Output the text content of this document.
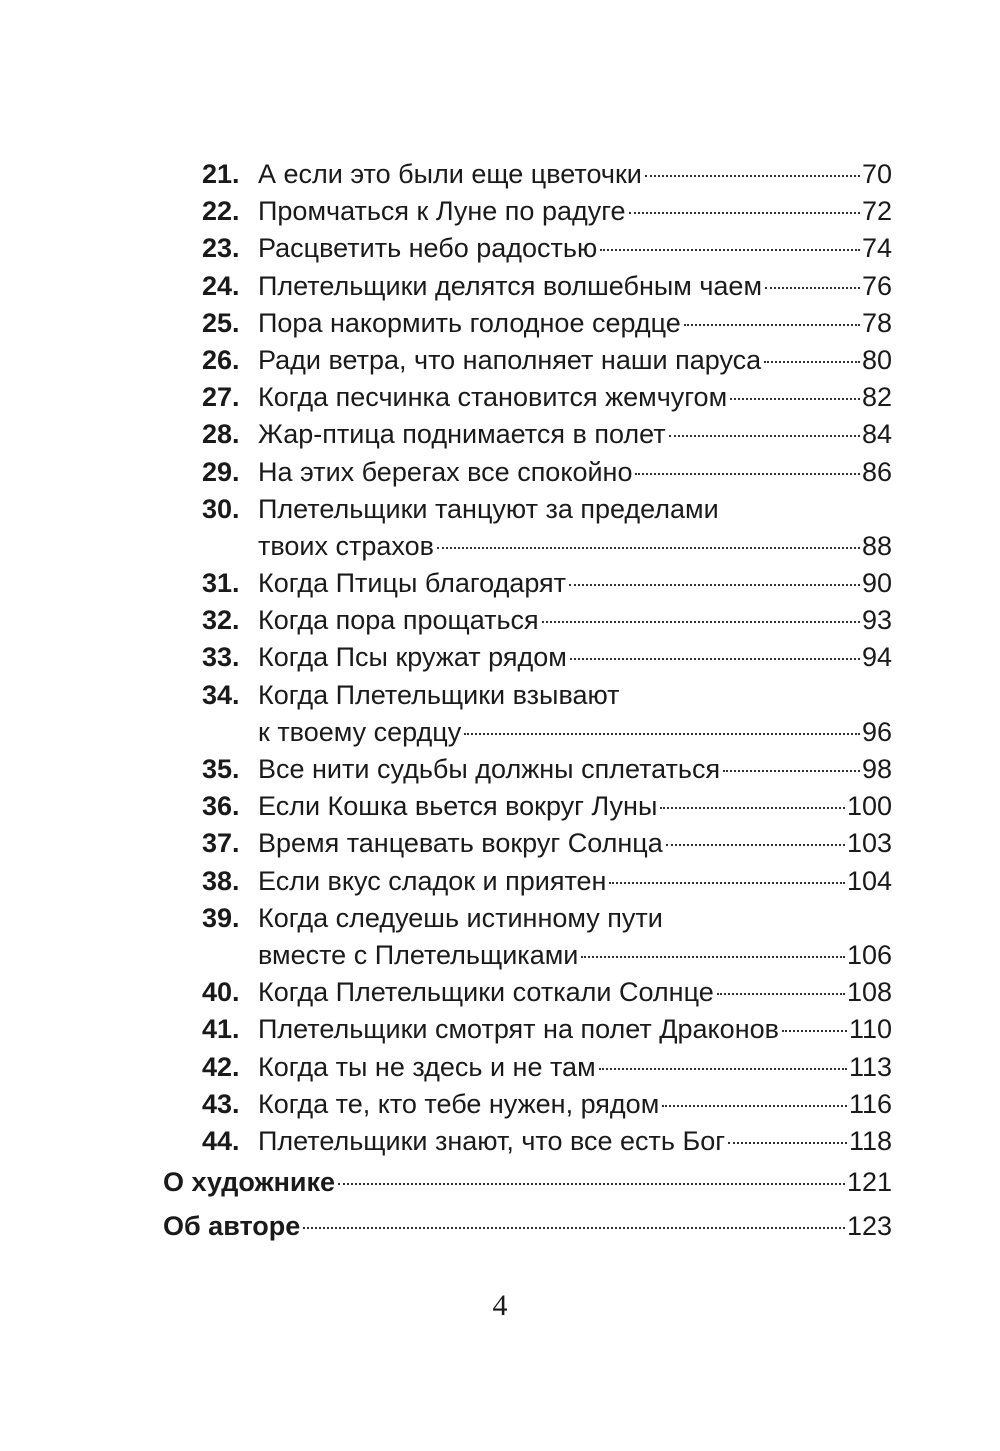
21. А если это были еще цветочки	70
22. Промчаться к Луне по радуге	72
23. Расцветить небо радостью	74
24. Плетельщики делятся волшебным чаем	76
25. Пора накормить голодное сердце	78
26. Ради ветра, что наполняет наши паруса	80
27. Когда песчинка становится жемчугом	82
28. Жар-птица поднимается в полет	84
29. На этих берегах все спокойно	86
30. Плетельщики танцуют за пределами
твоих страхов	88
31. Когда Птицы благодарят	90
32. Когда пора прощаться	93
33. Когда Псы кружат рядом	94
34. Когда Плетельщики взывают
к твоему сердцу	96
35. Все нити судьбы должны сплетаться	98
36. Если Кошка вьется вокруг Луны	100
37. Время танцевать вокруг Солнца	103
38. Если вкус сладок и приятен	104
39. Когда следуешь истинному пути
вместе с Плетельщиками	106
40. Когда Плетельщики соткали Солнце	108
41. Плетельщики смотрят на полет Драконов	110
42. Когда ты не здесь и не там	113
43. Когда те, кто тебе нужен, рядом	116
44. Плетельщики знают, что все есть Бог	118
О художнике	121
Об авторе	123
4
